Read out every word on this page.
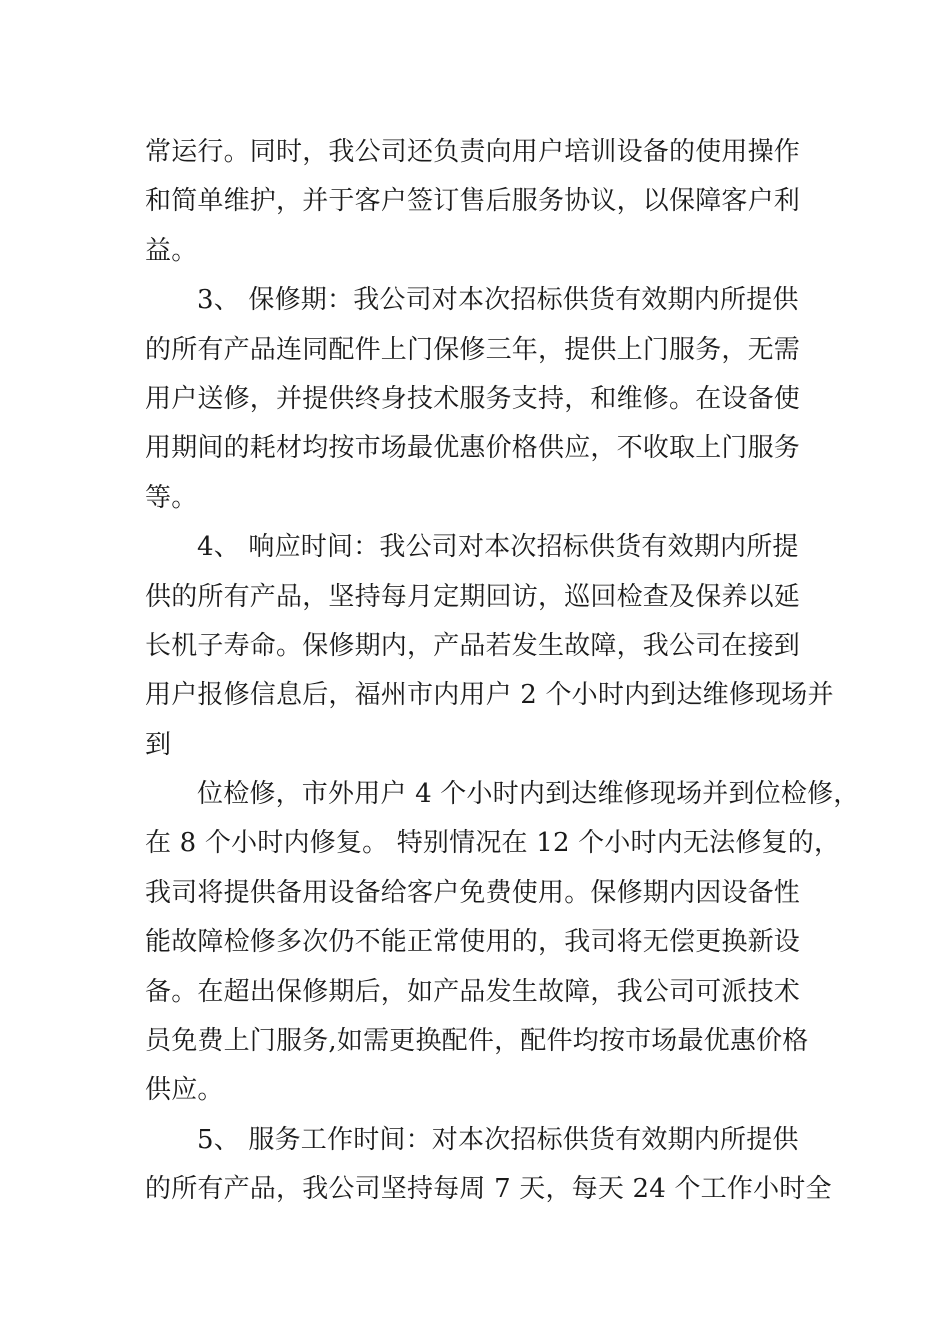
常运行。同时，我公司还负责向用户培训设备的使用操作
和简单维护，并于客户签订售后服务协议，以保障客户利
益。
3、 保修期：我公司对本次招标供货有效期内所提供
的所有产品连同配件上门保修三年，提供上门服务，无需
用户送修，并提供终身技术服务支持，和维修。在设备使
用期间的耗材均按市场最优惠价格供应，不收取上门服务
等。
4、 响应时间：我公司对本次招标供货有效期内所提
供的所有产品，坚持每月定期回访，巡回检查及保养以延
长机子寿命。保修期内，产品若发生故障，我公司在接到
用户报修信息后，福州市内用户 2 个小时内到达维修现场并
到
位检修，市外用户 4 个小时内到达维修现场并到位检修，
在 8 个小时内修复。 特别情况在 12 个小时内无法修复的，
我司将提供备用设备给客户免费使用。保修期内因设备性
能故障检修多次仍不能正常使用的，我司将无偿更换新设
备。在超出保修期后，如产品发生故障，我公司可派技术
员免费上门服务,如需更换配件，配件均按市场最优惠价格
供应。
5、 服务工作时间：对本次招标供货有效期内所提供
的所有产品，我公司坚持每周 7 天，每天 24 个工作小时全
